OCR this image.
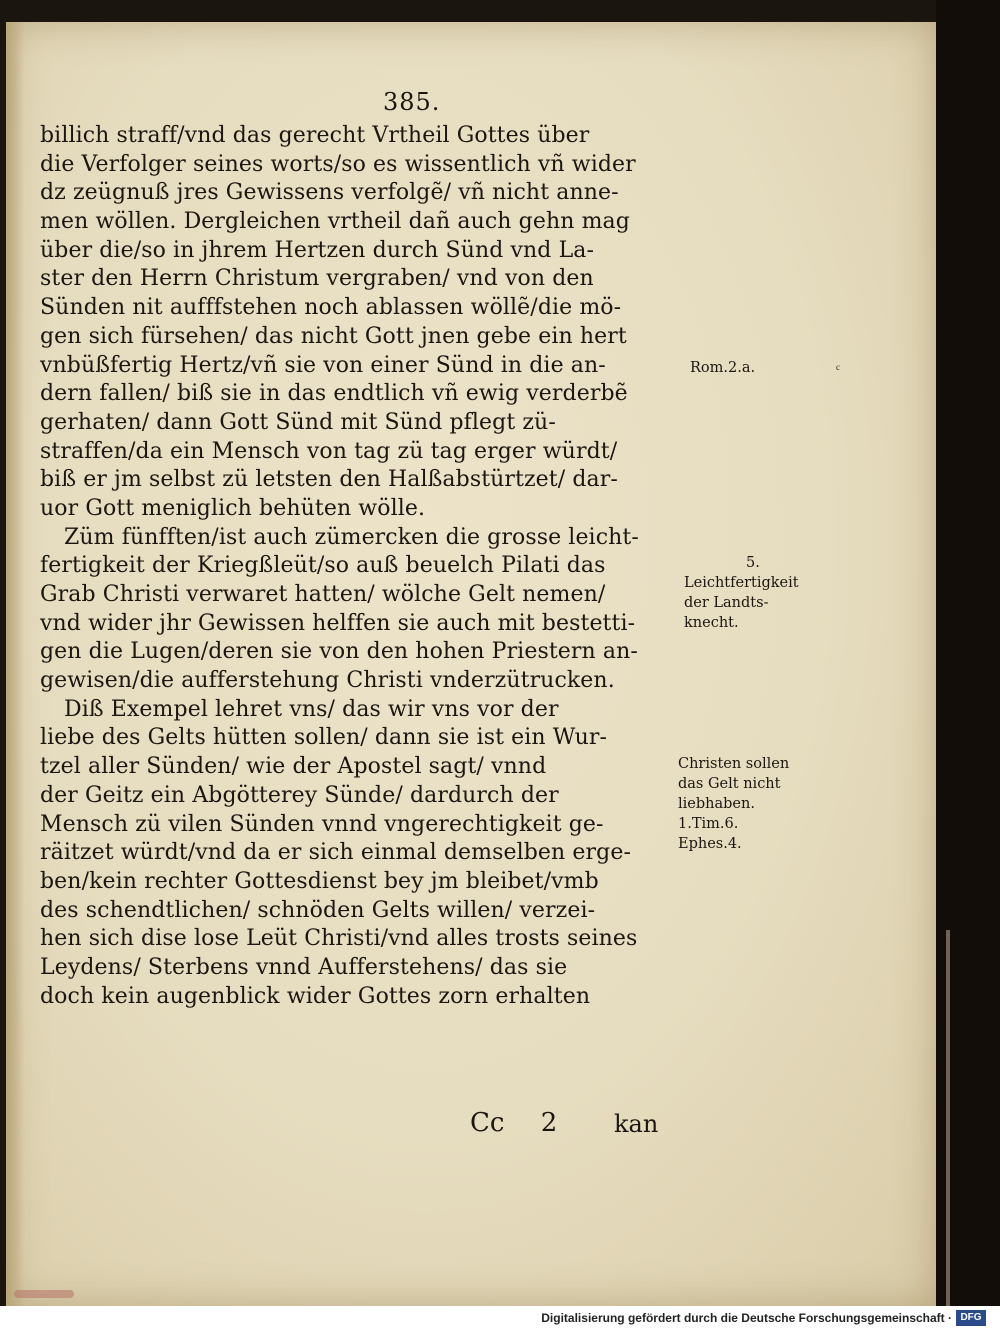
385.
billich straff/vnd das gerecht Vrtheil Gottes über
die Verfolger seines worts/so es wissentlich vñ wider
dz zeügnuß jres Gewissens verfolgẽ/ vñ nicht anne-
men wöllen. Dergleichen vrtheil dañ auch gehn mag
über die/so in jhrem Hertzen durch Sünd vnd La-
ster den Herrn Christum vergraben/ vnd von den
Sünden nit aufffstehen noch ablassen wöllẽ/die mö-
gen sich fürsehen/ das nicht Gott jnen gebe ein hert
vnbüßfertig Hertz/vñ sie von einer Sünd in die an-
dern fallen/ biß sie in das endtlich vñ ewig verderbẽ
gerhaten/ dann Gott Sünd mit Sünd pflegt zü-
straffen/da ein Mensch von tag zü tag erger würdt/
biß er jm selbst zü letsten den Halßabstürtzet/ dar-
uor Gott meniglich behüten wölle.
Züm fünfften/ist auch zümercken die grosse leicht-
fertigkeit der Kriegßleüt/so auß beuelch Pilati das
Grab Christi verwaret hatten/ wölche Gelt nemen/
vnd wider jhr Gewissen helffen sie auch mit bestetti-
gen die Lugen/deren sie von den hohen Priestern an-
gewisen/die aufferstehung Christi vnderzütrucken.
Diß Exempel lehret vns/ das wir vns vor der
liebe des Gelts hütten sollen/ dann sie ist ein Wur-
tzel aller Sünden/ wie der Apostel sagt/ vnnd
der Geitz ein Abgötterey Sünde/ dardurch der
Mensch zü vilen Sünden vnnd vngerechtigkeit ge-
räitzet würdt/vnd da er sich einmal demselben erge-
ben/kein rechter Gottesdienst bey jm bleibet/vmb
des schendtlichen/ schnöden Gelts willen/ verzei-
hen sich dise lose Leüt Christi/vnd alles trosts seines
Leydens/ Sterbens vnnd Aufferstehens/ das sie
doch kein augenblick wider Gottes zorn erhalten
Rom.2.a.
5.
Leichtfertigkeit
der Landts-
knecht.
Christen sollen
das Gelt nicht
liebhaben.
1.Tim.6.
Ephes.4.
Cc 2 kan
Digitalisierung gefördert durch die Deutsche Forschungsgemeinschaft · DFG
